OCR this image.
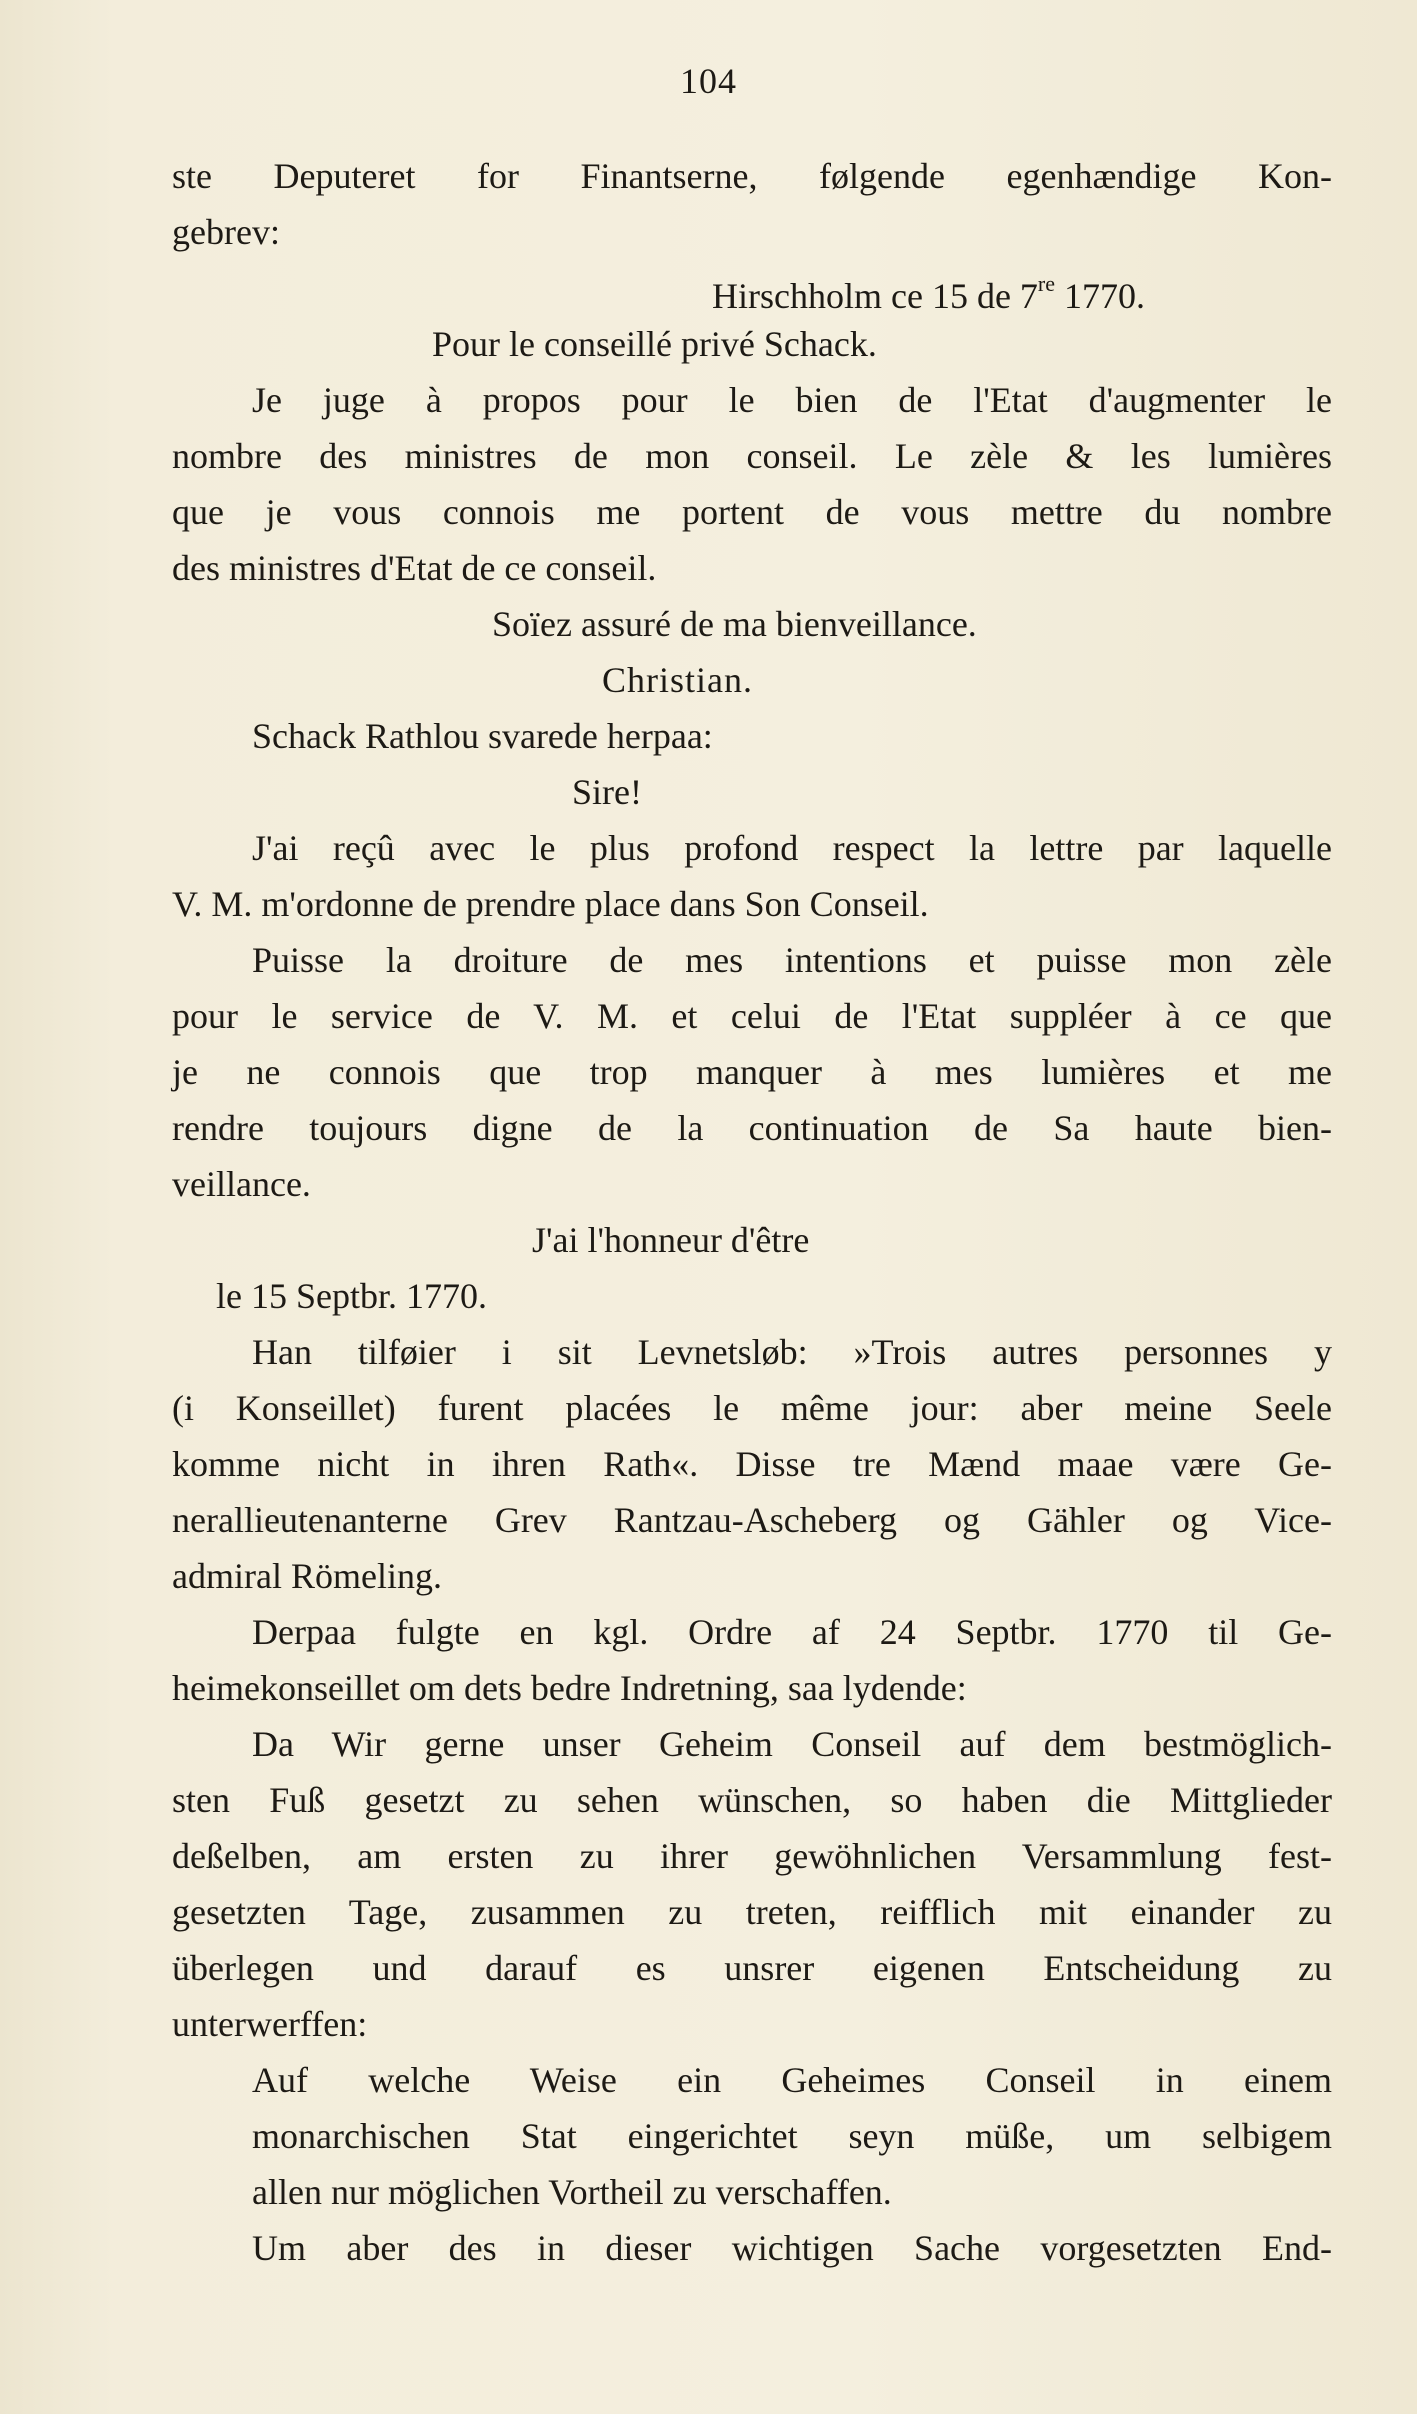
104
ste Deputeret for Finantserne, følgende egenhændige Kon-
gebrev:
Hirschholm ce 15 de 7re 1770.
Pour le conseillé privé Schack.
Je juge à propos pour le bien de l'Etat d'augmenter le
nombre des ministres de mon conseil. Le zèle & les lumières
que je vous connois me portent de vous mettre du nombre
des ministres d'Etat de ce conseil.
Soïez assuré de ma bienveillance.
Christian.
Schack Rathlou svarede herpaa:
Sire!
J'ai reçû avec le plus profond respect la lettre par laquelle
V. M. m'ordonne de prendre place dans Son Conseil.
Puisse la droiture de mes intentions et puisse mon zèle
pour le service de V. M. et celui de l'Etat suppléer à ce que
je ne connois que trop manquer à mes lumières et me
rendre toujours digne de la continuation de Sa haute bien-
veillance.
J'ai l'honneur d'être
le 15 Septbr. 1770.
Han tilføier i sit Levnetsløb: »Trois autres personnes y
(i Konseillet) furent placées le même jour: aber meine Seele
komme nicht in ihren Rath«. Disse tre Mænd maae være Ge-
nerallieutenanterne Grev Rantzau-Ascheberg og Gähler og Vice-
admiral Römeling.
Derpaa fulgte en kgl. Ordre af 24 Septbr. 1770 til Ge-
heimekonseillet om dets bedre Indretning, saa lydende:
Da Wir gerne unser Geheim Conseil auf dem bestmöglich-
sten Fuß gesetzt zu sehen wünschen, so haben die Mittglieder
deßelben, am ersten zu ihrer gewöhnlichen Versammlung fest-
gesetzten Tage, zusammen zu treten, reifflich mit einander zu
überlegen und darauf es unsrer eigenen Entscheidung zu
unterwerffen:
Auf welche Weise ein Geheimes Conseil in einem
monarchischen Stat eingerichtet seyn müße, um selbigem
allen nur möglichen Vortheil zu verschaffen.
Um aber des in dieser wichtigen Sache vorgesetzten End-
